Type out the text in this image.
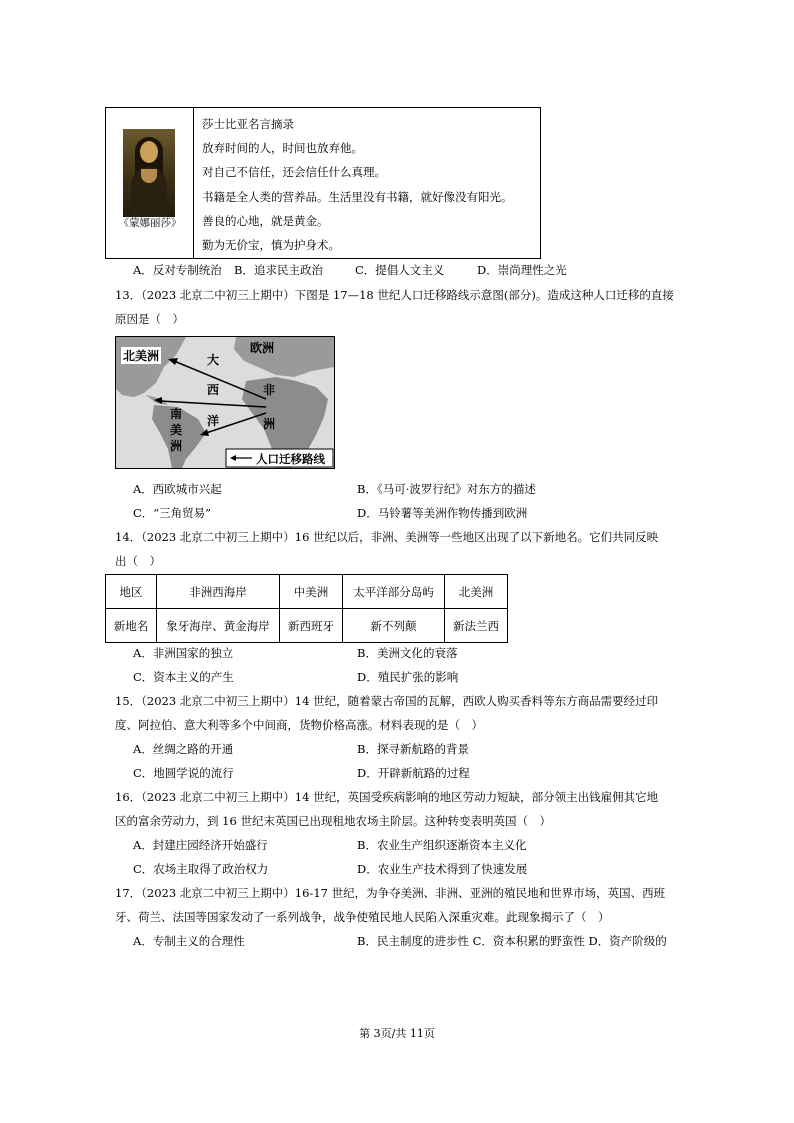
《蒙娜丽莎》
莎士比亚名言摘录
放弃时间的人，时间也放弃他。
对自己不信任，还会信任什么真理。
书籍是全人类的营养品。生活里没有书籍，就好像没有阳光。
善良的心地，就是黄金。
勤为无价宝，慎为护身术。
A．反对专制统治 B．追求民主政治	C．提倡人文主义	D．崇尚理性之光
13．（2023 北京二中初三上期中）下图是 17—18 世纪人口迁移路线示意图(部分)。造成这种人口迁移的直接
原因是（　）
北美洲
欧洲
大
西
洋
非
洲
南
美
洲
人口迁移路线
A．西欧城市兴起	B．《马可·波罗行纪》对东方的描述
C．“三角贸易”	D．马铃薯等美洲作物传播到欧洲
14．（2023 北京二中初三上期中）16 世纪以后，非洲、美洲等一些地区出现了以下新地名。它们共同反映
出（　）
地区	非洲西海岸	中美洲	太平洋部分岛屿	北美洲
新地名	象牙海岸、黄金海岸	新西班牙	新不列颠	新法兰西
A．非洲国家的独立	B．美洲文化的衰落
C．资本主义的产生	D．殖民扩张的影响
15．（2023 北京二中初三上期中）14 世纪，随着蒙古帝国的瓦解，西欧人购买香料等东方商品需要经过印
度、阿拉伯、意大利等多个中间商，货物价格高涨。材料表现的是（　）
A．丝绸之路的开通	B．探寻新航路的背景
C．地圆学说的流行	D．开辟新航路的过程
16．（2023 北京二中初三上期中）14 世纪，英国受疾病影响的地区劳动力短缺，部分领主出钱雇佣其它地
区的富余劳动力，到 16 世纪末英国已出现租地农场主阶层。这种转变表明英国（　）
A．封建庄园经济开始盛行	B．农业生产组织逐渐资本主义化
C．农场主取得了政治权力	D．农业生产技术得到了快速发展
17．（2023 北京二中初三上期中）16-17 世纪，为争夺美洲、非洲、亚洲的殖民地和世界市场，英国、西班
牙、荷兰、法国等国家发动了一系列战争，战争使殖民地人民陷入深重灾难。此现象揭示了（　）
A．专制主义的合理性	B．民主制度的进步性 C．资本积累的野蛮性 D．资产阶级的
第 3页/共 11页
